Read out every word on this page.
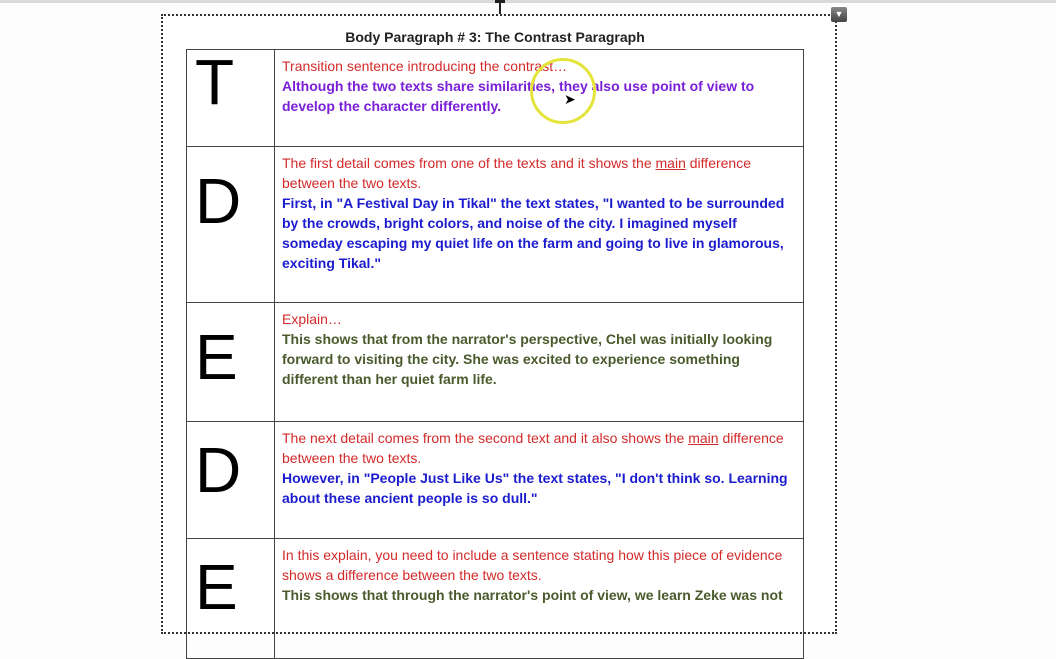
▼
Body Paragraph # 3: The Contrast Paragraph
T	Transition sentence introducing the contrast…
Although the two texts share similarities, they also use point of view to develop the character differently.

D	The first detail comes from one of the texts and it shows the main difference between the two texts.
First, in "A Festival Day in Tikal" the text states, "I wanted to be surrounded by the crowds, bright colors, and noise of the city. I imagined myself someday escaping my quiet life on the farm and going to live in glamorous, exciting Tikal."

E	Explain…
This shows that from the narrator's perspective, Chel was initially looking forward to visiting the city. She was excited to experience something different than her quiet farm life.

D	The next detail comes from the second text and it also shows the main difference between the two texts.
However, in "People Just Like Us" the text states, "I don't think so. Learning about these ancient people is so dull."

E	In this explain, you need to include a sentence stating how this piece of evidence shows a difference between the two texts.
This shows that through the narrator's point of view, we learn Zeke was not
➤
